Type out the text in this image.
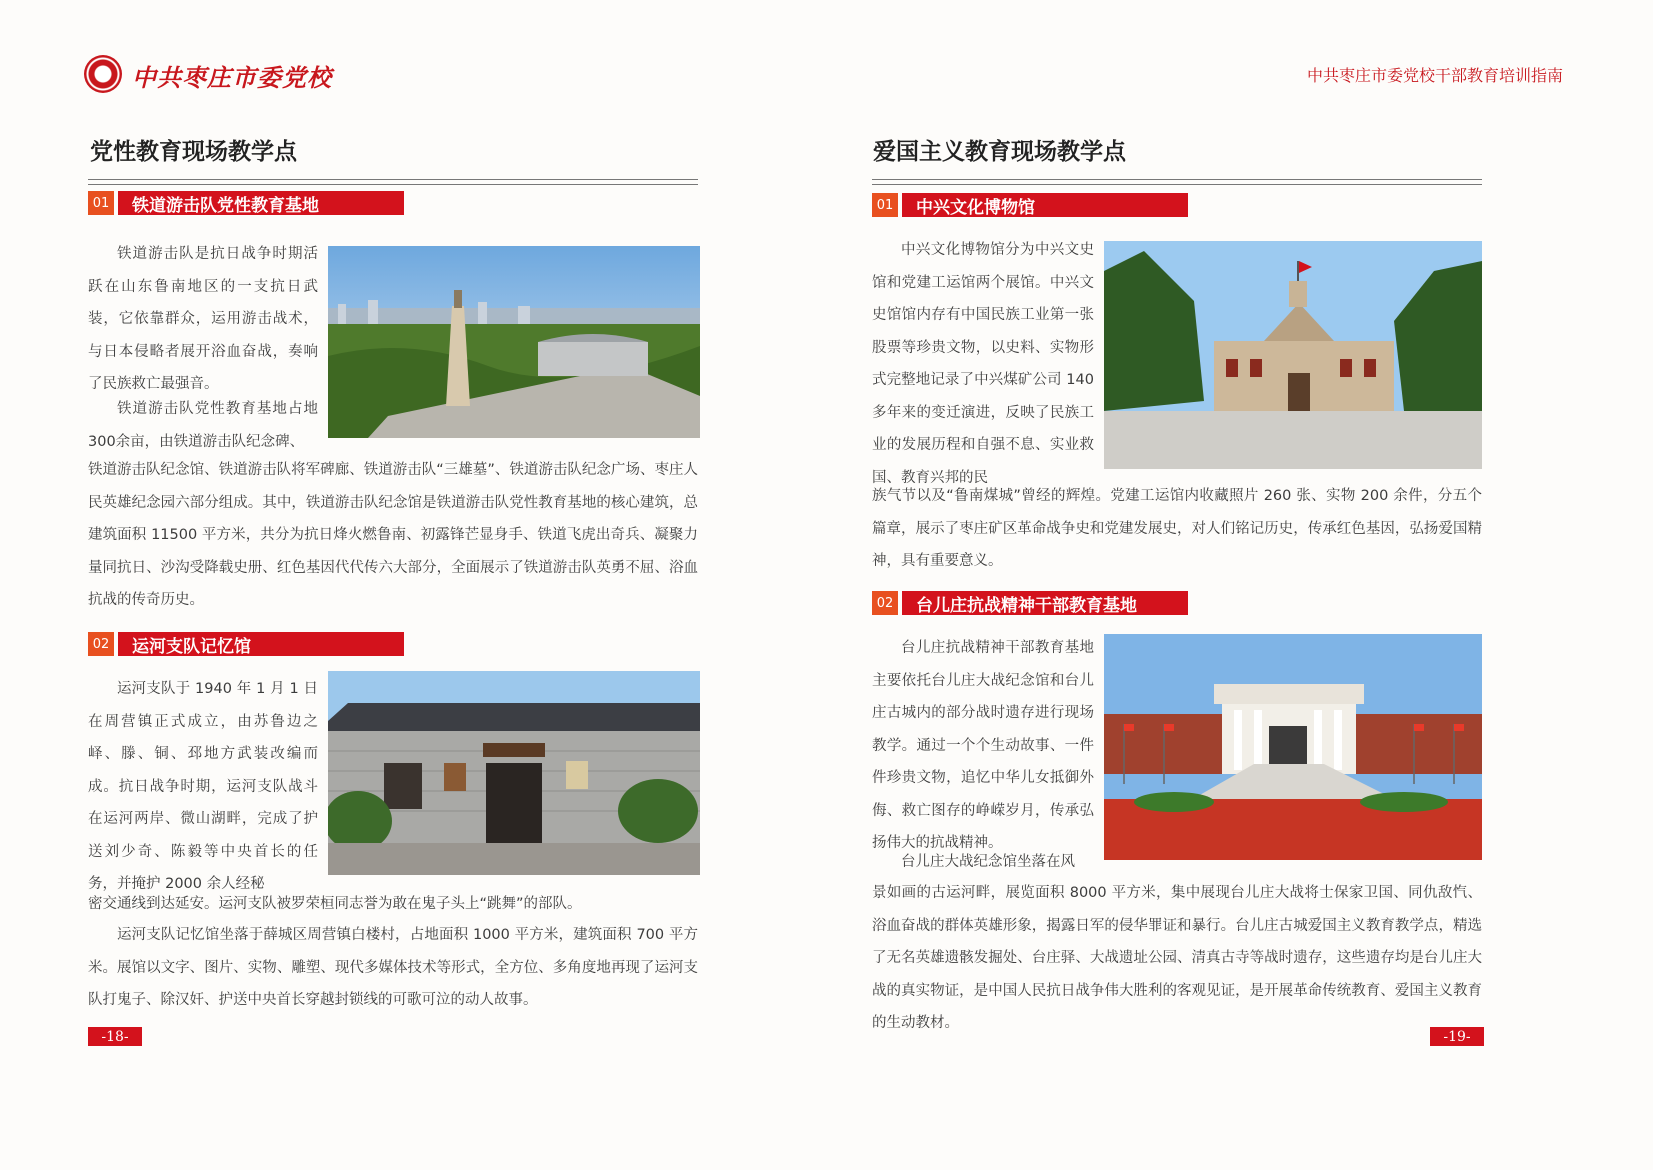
中共枣庄市委党校	中共枣庄市委党校干部教育培训指南
党性教育现场教学点
01	铁道游击队党性教育基地

铁道游击队是抗日战争时期活跃在山东鲁南地区的一支抗日武装，它依靠群众，运用游击战术，与日本侵略者展开浴血奋战，奏响了民族救亡最强音。

铁道游击队党性教育基地占地300余亩，由铁道游击队纪念碑、

铁道游击队纪念馆、铁道游击队将军碑廊、铁道游击队“三雄墓”、铁道游击队纪念广场、枣庄人民英雄纪念园六部分组成。其中，铁道游击队纪念馆是铁道游击队党性教育基地的核心建筑，总建筑面积 11500 平方米，共分为抗日烽火燃鲁南、初露锋芒显身手、铁道飞虎出奇兵、凝聚力量同抗日、沙沟受降载史册、红色基因代代传六大部分，全面展示了铁道游击队英勇不屈、浴血抗战的传奇历史。

02	运河支队记忆馆

运河支队于 1940 年 1 月 1 日在周营镇正式成立，由苏鲁边之峄、滕、铜、邳地方武装改编而成。抗日战争时期，运河支队战斗在运河两岸、微山湖畔，完成了护送刘少奇、陈毅等中央首长的任务，并掩护 2000 余人经秘

密交通线到达延安。运河支队被罗荣桓同志誉为敢在鬼子头上“跳舞”的部队。

运河支队记忆馆坐落于薛城区周营镇白楼村，占地面积 1000 平方米，建筑面积 700 平方米。展馆以文字、图片、实物、雕塑、现代多媒体技术等形式，全方位、多角度地再现了运河支队打鬼子、除汉奸、护送中央首长穿越封锁线的可歌可泣的动人故事。

-18-
爱国主义教育现场教学点
01	中兴文化博物馆

中兴文化博物馆分为中兴文史馆和党建工运馆两个展馆。中兴文史馆馆内存有中国民族工业第一张股票等珍贵文物，以史料、实物形式完整地记录了中兴煤矿公司 140 多年来的变迁演进，反映了民族工业的发展历程和自强不息、实业救国、教育兴邦的民

族气节以及“鲁南煤城”曾经的辉煌。党建工运馆内收藏照片 260 张、实物 200 余件，分五个篇章，展示了枣庄矿区革命战争史和党建发展史，对人们铭记历史，传承红色基因，弘扬爱国精神，具有重要意义。

02	台儿庄抗战精神干部教育基地

台儿庄抗战精神干部教育基地主要依托台儿庄大战纪念馆和台儿庄古城内的部分战时遗存进行现场教学。通过一个个生动故事、一件件珍贵文物，追忆中华儿女抵御外侮、救亡图存的峥嵘岁月，传承弘扬伟大的抗战精神。

台儿庄大战纪念馆坐落在风

景如画的古运河畔，展览面积 8000 平方米，集中展现台儿庄大战将士保家卫国、同仇敌忾、浴血奋战的群体英雄形象，揭露日军的侵华罪证和暴行。台儿庄古城爱国主义教育教学点，精选了无名英雄遗骸发掘处、台庄驿、大战遗址公园、清真古寺等战时遗存，这些遗存均是台儿庄大战的真实物证，是中国人民抗日战争伟大胜利的客观见证，是开展革命传统教育、爱国主义教育的生动教材。

-19-
